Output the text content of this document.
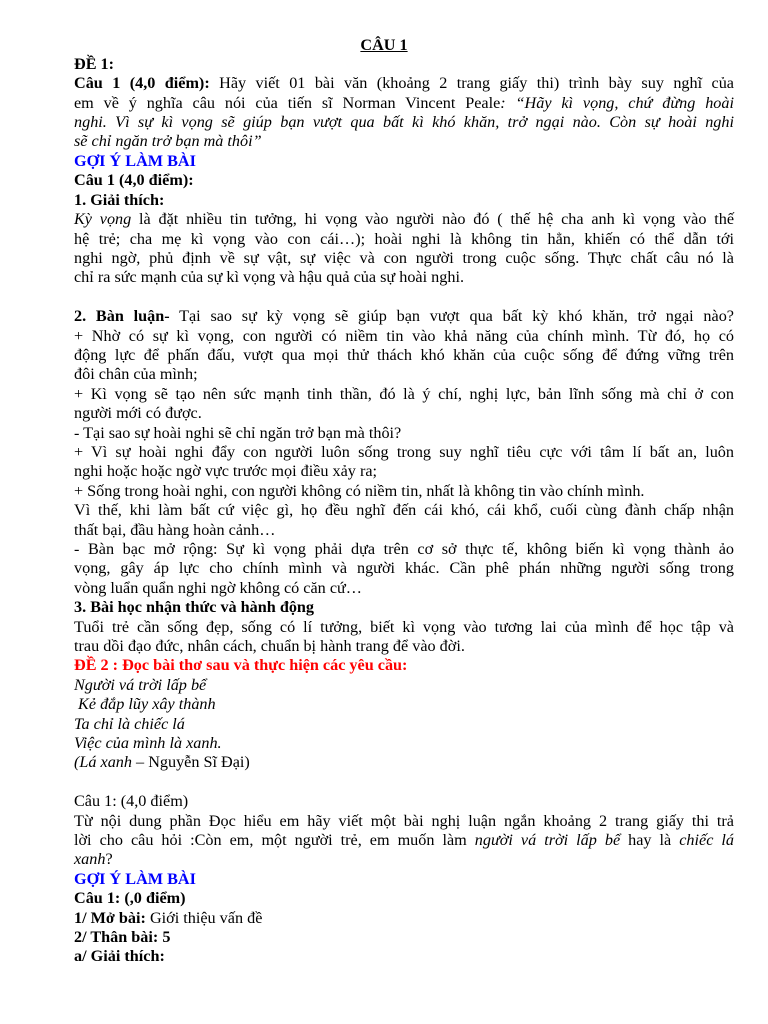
CÂU 1
ĐỀ 1:
Câu 1 (4,0 điểm): Hãy viết 01 bài văn (khoảng 2 trang giấy thi) trình bày suy nghĩ của
em về ý nghĩa câu nói của tiến sĩ Norman Vincent Peale: “Hãy kì vọng, chứ đừng hoài
nghi. Vì sự kì vọng sẽ giúp bạn vượt qua bất kì khó khăn, trở ngại nào. Còn sự hoài nghi
sẽ chỉ ngăn trở bạn mà thôi”
GỢI Ý LÀM BÀI
Câu 1 (4,0 điểm):
1. Giải thích:
Kỳ vọng là đặt nhiều tin tưởng, hi vọng vào người nào đó ( thế hệ cha anh kì vọng vào thế
hệ trẻ; cha mẹ kì vọng vào con cái…); hoài nghi là không tin hẳn, khiến có thể dẫn tới
nghi ngờ, phủ định về sự vật, sự việc và con người trong cuộc sống. Thực chất câu nó là
chỉ ra sức mạnh của sự kì vọng và hậu quả của sự hoài nghi.
2. Bàn luận- Tại sao sự kỳ vọng sẽ giúp bạn vượt qua bất kỳ khó khăn, trở ngại nào?
+ Nhờ có sự kì vọng, con người có niềm tin vào khả năng của chính mình. Từ đó, họ có
động lực để phấn đấu, vượt qua mọi thử thách khó khăn của cuộc sống để đứng vững trên
đôi chân của mình;
+ Kì vọng sẽ tạo nên sức mạnh tinh thần, đó là ý chí, nghị lực, bản lĩnh sống mà chỉ ở con
người mới có được.
- Tại sao sự hoài nghi sẽ chỉ ngăn trở bạn mà thôi?
+ Vì sự hoài nghi đẩy con người luôn sống trong suy nghĩ tiêu cực với tâm lí bất an, luôn
nghi hoặc hoặc ngờ vực trước mọi điều xảy ra;
+ Sống trong hoài nghi, con người không có niềm tin, nhất là không tin vào chính mình.
Vì thế, khi làm bất cứ việc gì, họ đều nghĩ đến cái khó, cái khổ, cuối cùng đành chấp nhận
thất bại, đầu hàng hoàn cảnh…
- Bàn bạc mở rộng: Sự kì vọng phải dựa trên cơ sở thực tế, không biến kì vọng thành ảo
vọng, gây áp lực cho chính mình và người khác. Cần phê phán những người sống trong
vòng luẩn quẩn nghi ngờ không có căn cứ…
3. Bài học nhận thức và hành động
Tuổi trẻ cần sống đẹp, sống có lí tưởng, biết kì vọng vào tương lai của mình để học tập và
trau dồi đạo đức, nhân cách, chuẩn bị hành trang để vào đời.
ĐỀ 2 : Đọc bài thơ sau và thực hiện các yêu cầu:
Người vá trời lấp bể
Kẻ đắp lũy xây thành
Ta chỉ là chiếc lá
Việc của mình là xanh.
(Lá xanh – Nguyễn Sĩ Đại)
Câu 1: (4,0 điểm)
Từ nội dung phần Đọc hiểu em hãy viết một bài nghị luận ngắn khoảng 2 trang giấy thi trả
lời cho câu hỏi :Còn em, một người trẻ, em muốn làm người vá trời lấp bể hay là chiếc lá
xanh?
GỢI Ý LÀM BÀI
Câu 1: (,0 điểm)
1/ Mở bài: Giới thiệu vấn đề
2/ Thân bài: 5
a/ Giải thích:
